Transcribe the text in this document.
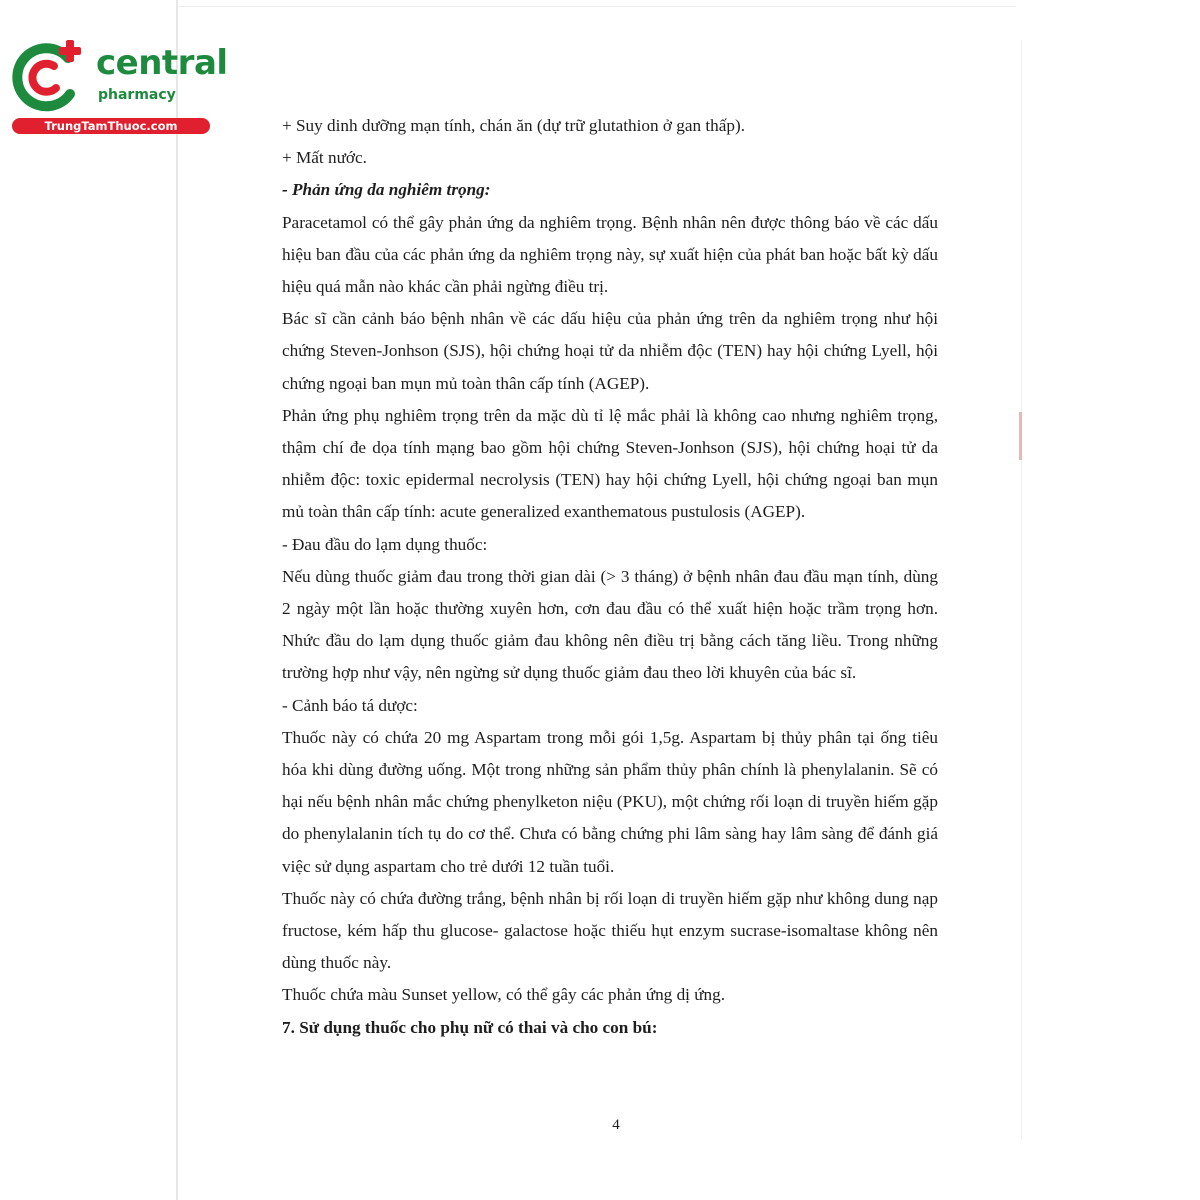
central
pharmacy
TrungTamThuoc.com	+ Suy dinh dưỡng mạn tính, chán ăn (dự trữ glutathion ở gan thấp).

+ Mất nước.

- Phản ứng da nghiêm trọng:

Paracetamol có thể gây phản ứng da nghiêm trọng. Bệnh nhân nên được thông báo về các dấu hiệu ban đầu của các phản ứng da nghiêm trọng này, sự xuất hiện của phát ban hoặc bất kỳ dấu hiệu quá mẫn nào khác cần phải ngừng điều trị.

Bác sĩ cần cảnh báo bệnh nhân về các dấu hiệu của phản ứng trên da nghiêm trọng như hội chứng Steven-Jonhson (SJS), hội chứng hoại tử da nhiễm độc (TEN) hay hội chứng Lyell, hội chứng ngoại ban mụn mủ toàn thân cấp tính (AGEP).

Phản ứng phụ nghiêm trọng trên da mặc dù tỉ lệ mắc phải là không cao nhưng nghiêm trọng, thậm chí đe dọa tính mạng bao gồm hội chứng Steven-Jonhson (SJS), hội chứng hoại tử da nhiễm độc: toxic epidermal necrolysis (TEN) hay hội chứng Lyell, hội chứng ngoại ban mụn mủ toàn thân cấp tính: acute generalized exanthematous pustulosis (AGEP).

- Đau đầu do lạm dụng thuốc:

Nếu dùng thuốc giảm đau trong thời gian dài (> 3 tháng) ở bệnh nhân đau đầu mạn tính, dùng 2 ngày một lần hoặc thường xuyên hơn, cơn đau đầu có thể xuất hiện hoặc trầm trọng hơn. Nhức đầu do lạm dụng thuốc giảm đau không nên điều trị bằng cách tăng liều. Trong những trường hợp như vậy, nên ngừng sử dụng thuốc giảm đau theo lời khuyên của bác sĩ.

- Cảnh báo tá dược:

Thuốc này có chứa 20 mg Aspartam trong mỗi gói 1,5g. Aspartam bị thủy phân tại ống tiêu hóa khi dùng đường uống. Một trong những sản phẩm thủy phân chính là phenylalanin. Sẽ có hại nếu bệnh nhân mắc chứng phenylketon niệu (PKU), một chứng rối loạn di truyền hiếm gặp do phenylalanin tích tụ do cơ thể. Chưa có bằng chứng phi lâm sàng hay lâm sàng để đánh giá việc sử dụng aspartam cho trẻ dưới 12 tuần tuổi.

Thuốc này có chứa đường trắng, bệnh nhân bị rối loạn di truyền hiếm gặp như không dung nạp fructose, kém hấp thu glucose- galactose hoặc thiếu hụt enzym sucrase-isomaltase không nên dùng thuốc này.

Thuốc chứa màu Sunset yellow, có thể gây các phản ứng dị ứng.

7. Sử dụng thuốc cho phụ nữ có thai và cho con bú:

4
